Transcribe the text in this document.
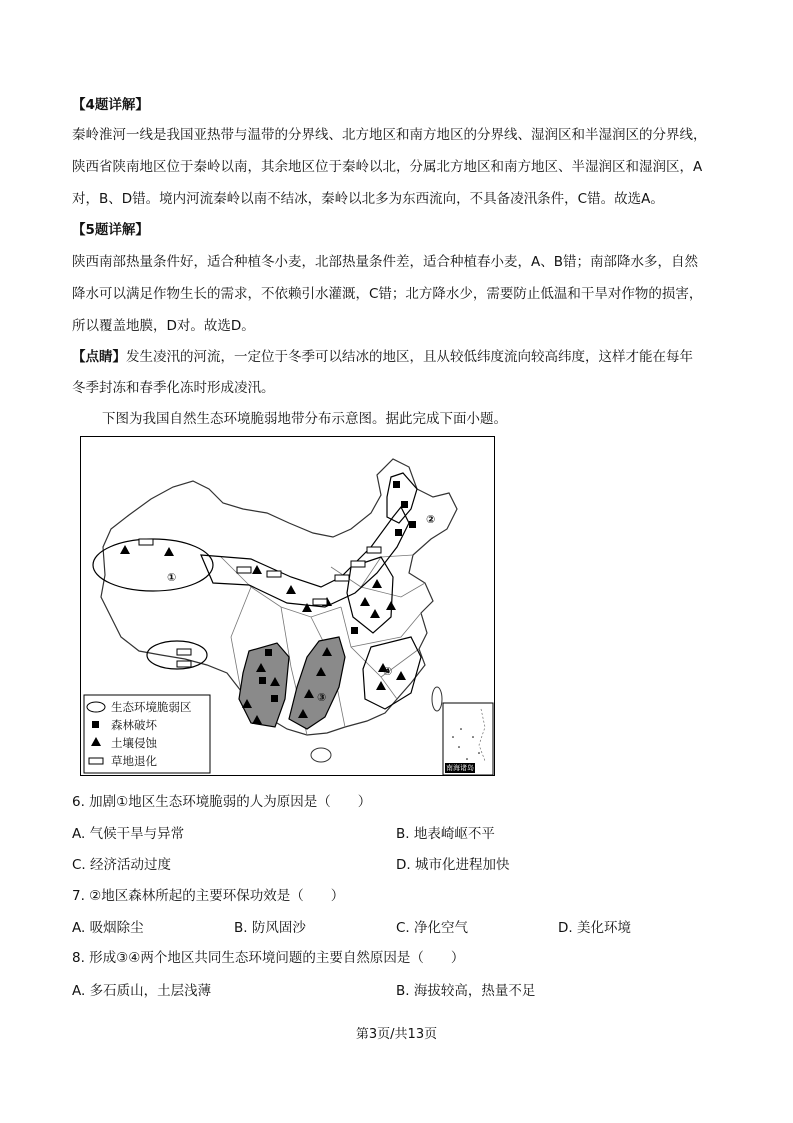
【4题详解】
秦岭淮河一线是我国亚热带与温带的分界线、北方地区和南方地区的分界线、湿润区和半湿润区的分界线，
陕西省陕南地区位于秦岭以南，其余地区位于秦岭以北，分属北方地区和南方地区、半湿润区和湿润区，A
对，B、D错。境内河流秦岭以南不结冰，秦岭以北多为东西流向，不具备凌汛条件，C错。故选A。
【5题详解】
陕西南部热量条件好，适合种植冬小麦，北部热量条件差，适合种植春小麦，A、B错；南部降水多，自然
降水可以满足作物生长的需求，不依赖引水灌溉，C错；北方降水少，需要防止低温和干旱对作物的损害，
所以覆盖地膜，D对。故选D。
【点睛】发生凌汛的河流，一定位于冬季可以结冰的地区，且从较低纬度流向较高纬度，这样才能在每年
冬季封冻和春季化冻时形成凌汛。
下图为我国自然生态环境脆弱地带分布示意图。据此完成下面小题。
①
②
③
④
生态环境脆弱区
森林破坏
土壤侵蚀
草地退化	南海诸岛
6. 加剧①地区生态环境脆弱的人为原因是（　　）
A. 气候干旱与异常	B. 地表崎岖不平
C. 经济活动过度	D. 城市化进程加快
7. ②地区森林所起的主要环保功效是（　　）
A. 吸烟除尘	B. 防风固沙	C. 净化空气	D. 美化环境
8. 形成③④两个地区共同生态环境问题的主要自然原因是（　　）
A. 多石质山，土层浅薄	B. 海拔较高，热量不足
第3页/共13页
